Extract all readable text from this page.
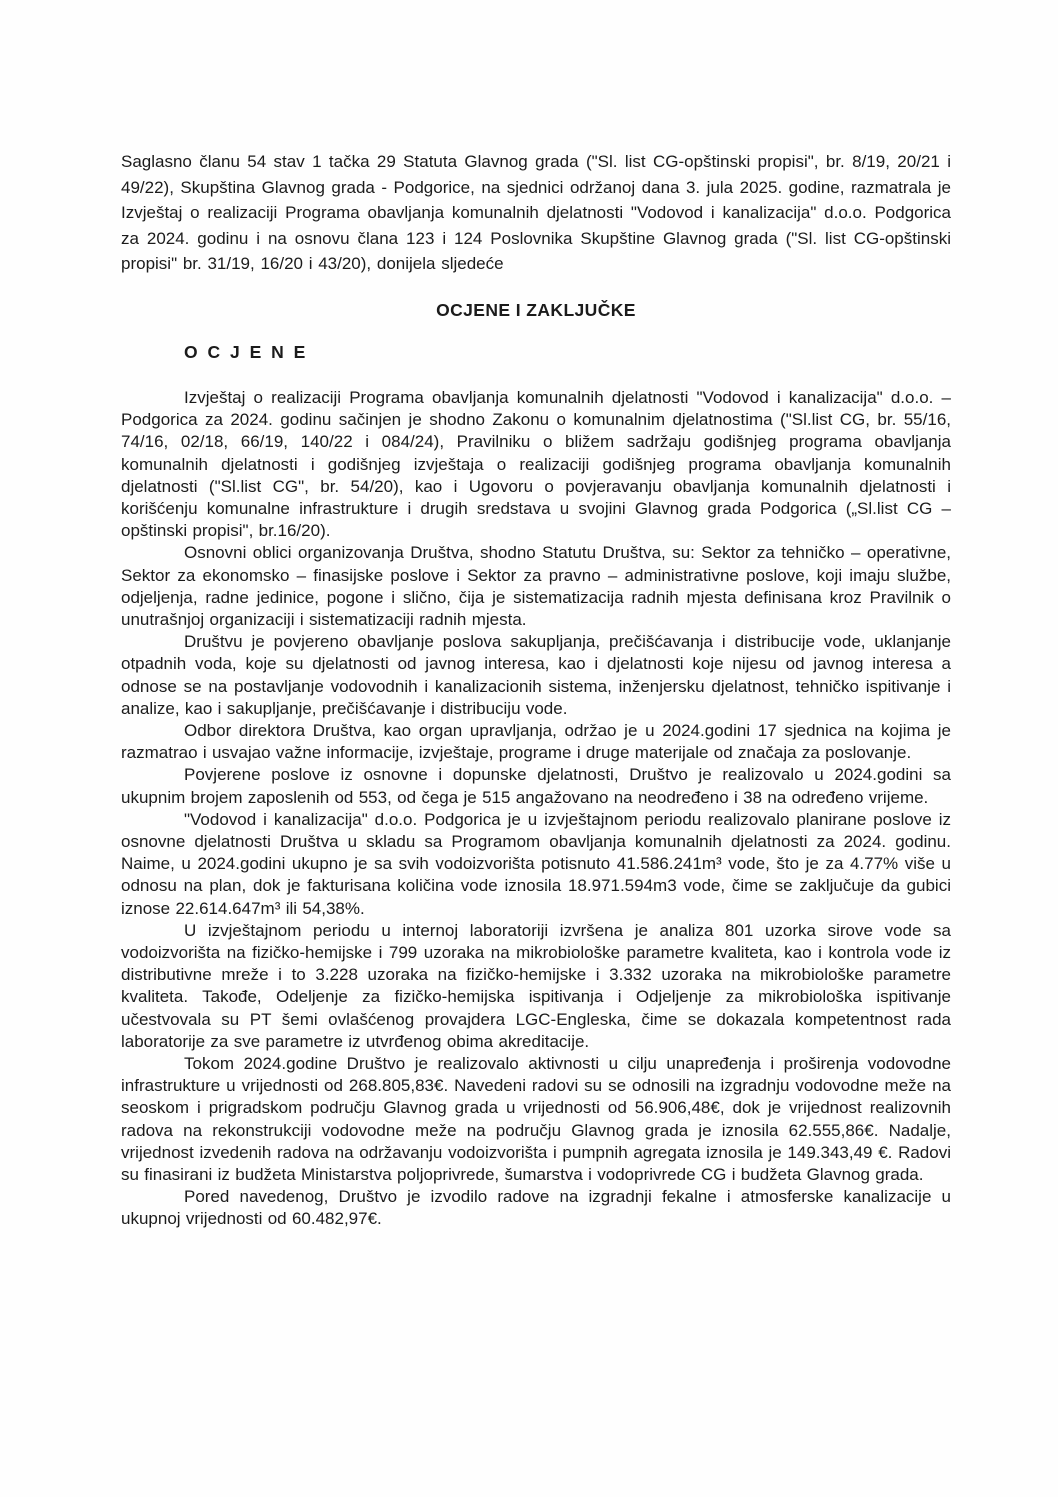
Saglasno članu 54 stav 1 tačka 29 Statuta Glavnog grada ("Sl. list CG-opštinski propisi", br. 8/19, 20/21 i 49/22), Skupština Glavnog grada - Podgorice, na sjednici održanoj dana 3. jula 2025. godine, razmatrala je Izvještaj o realizaciji Programa obavljanja komunalnih djelatnosti "Vodovod i kanalizacija" d.o.o. Podgorica za 2024. godinu i na osnovu člana 123 i 124 Poslovnika Skupštine Glavnog grada ("Sl. list CG-opštinski propisi" br. 31/19, 16/20 i 43/20), donijela sljedeće

OCJENE I ZAKLJUČKE
O C J E N E

Izvještaj o realizaciji Programa obavljanja komunalnih djelatnosti "Vodovod i kanalizacija" d.o.o. – Podgorica za 2024. godinu sačinjen je shodno Zakonu o komunalnim djelatnostima ("Sl.list CG, br. 55/16, 74/16, 02/18, 66/19, 140/22 i 084/24), Pravilniku o bližem sadržaju godišnjeg programa obavljanja komunalnih djelatnosti i godišnjeg izvještaja o realizaciji godišnjeg programa obavljanja komunalnih djelatnosti ("Sl.list CG", br. 54/20), kao i Ugovoru o povjeravanju obavljanja komunalnih djelatnosti i korišćenju komunalne infrastrukture i drugih sredstava u svojini Glavnog grada Podgorica („Sl.list CG – opštinski propisi", br.16/20).

Osnovni oblici organizovanja Društva, shodno Statutu Društva, su: Sektor za tehničko – operativne, Sektor za ekonomsko – finasijske poslove i Sektor za pravno – administrativne poslove, koji imaju službe, odjeljenja, radne jedinice, pogone i slično, čija je sistematizacija radnih mjesta definisana kroz Pravilnik o unutrašnjoj organizaciji i sistematizaciji radnih mjesta.

Društvu je povjereno obavljanje poslova sakupljanja, prečišćavanja i distribucije vode, uklanjanje otpadnih voda, koje su djelatnosti od javnog interesa, kao i djelatnosti koje nijesu od javnog interesa a odnose se na postavljanje vodovodnih i kanalizacionih sistema, inženjersku djelatnost, tehničko ispitivanje i analize, kao i sakupljanje, prečišćavanje i distribuciju vode.

Odbor direktora Društva, kao organ upravljanja, održao je u 2024.godini 17 sjednica na kojima je razmatrao i usvajao važne informacije, izvještaje, programe i druge materijale od značaja za poslovanje.

Povjerene poslove iz osnovne i dopunske djelatnosti, Društvo je realizovalo u 2024.godini sa ukupnim brojem zaposlenih od 553, od čega je 515 angažovano na neodređeno i 38 na određeno vrijeme.

"Vodovod i kanalizacija" d.o.o. Podgorica je u izvještajnom periodu realizovalo planirane poslove iz osnovne djelatnosti Društva u skladu sa Programom obavljanja komunalnih djelatnosti za 2024. godinu. Naime, u 2024.godini ukupno je sa svih vodoizvorišta potisnuto 41.586.241m³ vode, što je za 4.77% više u odnosu na plan, dok je fakturisana količina vode iznosila 18.971.594m3 vode, čime se zaključuje da gubici iznose 22.614.647m³ ili 54,38%.

U izvještajnom periodu u internoj laboratoriji izvršena je analiza 801 uzorka sirove vode sa vodoizvorišta na fizičko-hemijske i 799 uzoraka na mikrobiološke parametre kvaliteta, kao i kontrola vode iz distributivne mreže i to 3.228 uzoraka na fizičko-hemijske i 3.332 uzoraka na mikrobiološke parametre kvaliteta. Takođe, Odeljenje za fizičko-hemijska ispitivanja i Odjeljenje za mikrobiološka ispitivanje učestvovala su PT šemi ovlašćenog provajdera LGC-Engleska, čime se dokazala kompetentnost rada laboratorije za sve parametre iz utvrđenog obima akreditacije.

Tokom 2024.godine Društvo je realizovalo aktivnosti u cilju unapređenja i proširenja vodovodne infrastrukture u vrijednosti od 268.805,83€. Navedeni radovi su se odnosili na izgradnju vodovodne meže na seoskom i prigradskom području Glavnog grada u vrijednosti od 56.906,48€, dok je vrijednost realizovnih radova na rekonstrukciji vodovodne meže na području Glavnog grada je iznosila 62.555,86€. Nadalje, vrijednost izvedenih radova na održavanju vodoizvorišta i pumpnih agregata iznosila je 149.343,49 €. Radovi su finasirani iz budžeta Ministarstva poljoprivrede, šumarstva i vodoprivrede CG i budžeta Glavnog grada.

Pored navedenog, Društvo je izvodilo radove na izgradnji fekalne i atmosferske kanalizacije u ukupnoj vrijednosti od 60.482,97€.
